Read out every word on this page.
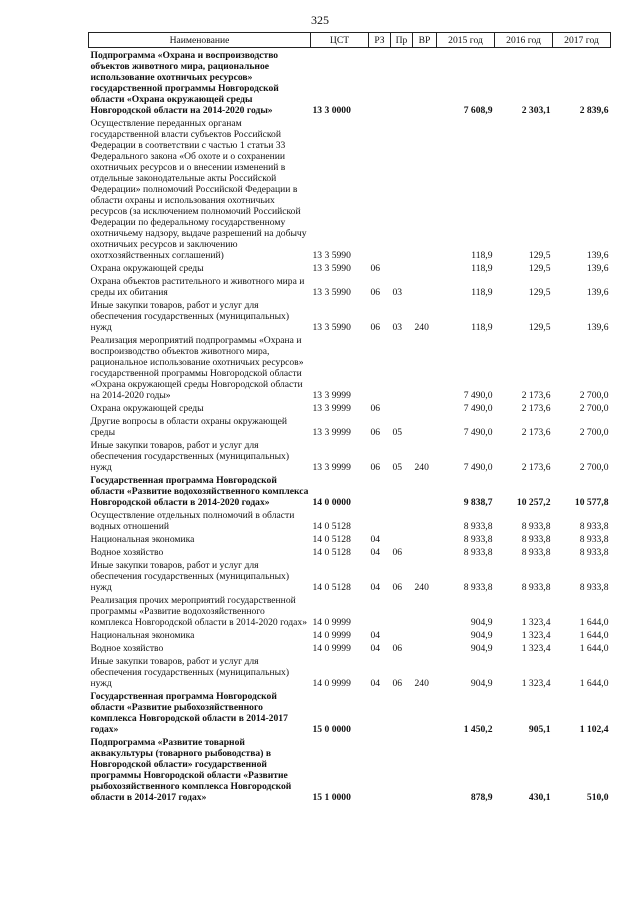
325
Наименование	ЦСТ	РЗ	Пр	ВР	2015 год	2016 год	2017 год
Подпрограмма «Охрана и воспроизводство объектов животного мира, рациональное использование охотничьих ресурсов» государственной программы Новгородской области «Охрана окружающей среды Новгородской области на 2014-2020 годы»	13 3 0000				7 608,9	2 303,1	2 839,6
Осуществление переданных органам государственной власти субъектов Российской Федерации в соответствии с частью 1 статьи 33 Федерального закона «Об охоте и о сохранении охотничьих ресурсов и о внесении изменений в отдельные законодательные акты Российской Федерации» полномочий Российской Федерации в области охраны и использования охотничьих ресурсов (за исключением полномочий Российской Федерации по федеральному государственному охотничьему надзору, выдаче разрешений на добычу охотничьих ресурсов и заключению охотхозяйственных соглашений)	13 3 5990				118,9	129,5	139,6
Охрана окружающей среды	13 3 5990	06			118,9	129,5	139,6
Охрана объектов растительного и животного мира и среды их обитания	13 3 5990	06	03		118,9	129,5	139,6
Иные закупки товаров, работ и услуг для обеспечения государственных (муниципальных) нужд	13 3 5990	06	03	240	118,9	129,5	139,6
Реализация мероприятий подпрограммы «Охрана и воспроизводство объектов животного мира, рациональное использование охотничьих ресурсов» государственной программы Новгородской области «Охрана окружающей среды Новгородской области на 2014-2020 годы»	13 3 9999				7 490,0	2 173,6	2 700,0
Охрана окружающей среды	13 3 9999	06			7 490,0	2 173,6	2 700,0
Другие вопросы в области охраны окружающей среды	13 3 9999	06	05		7 490,0	2 173,6	2 700,0
Иные закупки товаров, работ и услуг для обеспечения государственных (муниципальных) нужд	13 3 9999	06	05	240	7 490,0	2 173,6	2 700,0
Государственная программа Новгородской области «Развитие водохозяйственного комплекса Новгородской области в 2014-2020 годах»	14 0 0000				9 838,7	10 257,2	10 577,8
Осуществление отдельных полномочий в области водных отношений	14 0 5128				8 933,8	8 933,8	8 933,8
Национальная экономика	14 0 5128	04			8 933,8	8 933,8	8 933,8
Водное хозяйство	14 0 5128	04	06		8 933,8	8 933,8	8 933,8
Иные закупки товаров, работ и услуг для обеспечения государственных (муниципальных) нужд	14 0 5128	04	06	240	8 933,8	8 933,8	8 933,8
Реализация прочих мероприятий государственной программы «Развитие водохозяйственного комплекса Новгородской области в 2014-2020 годах»	14 0 9999				904,9	1 323,4	1 644,0
Национальная экономика	14 0 9999	04			904,9	1 323,4	1 644,0
Водное хозяйство	14 0 9999	04	06		904,9	1 323,4	1 644,0
Иные закупки товаров, работ и услуг для обеспечения государственных (муниципальных) нужд	14 0 9999	04	06	240	904,9	1 323,4	1 644,0
Государственная программа Новгородской области «Развитие рыбохозяйственного комплекса Новгородской области в 2014-2017 годах»	15 0 0000				1 450,2	905,1	1 102,4
Подпрограмма «Развитие товарной аквакультуры (товарного рыбоводства) в Новгородской области» государственной программы Новгородской области «Развитие рыбохозяйственного комплекса Новгородской области в 2014-2017 годах»	15 1 0000				878,9	430,1	510,0
